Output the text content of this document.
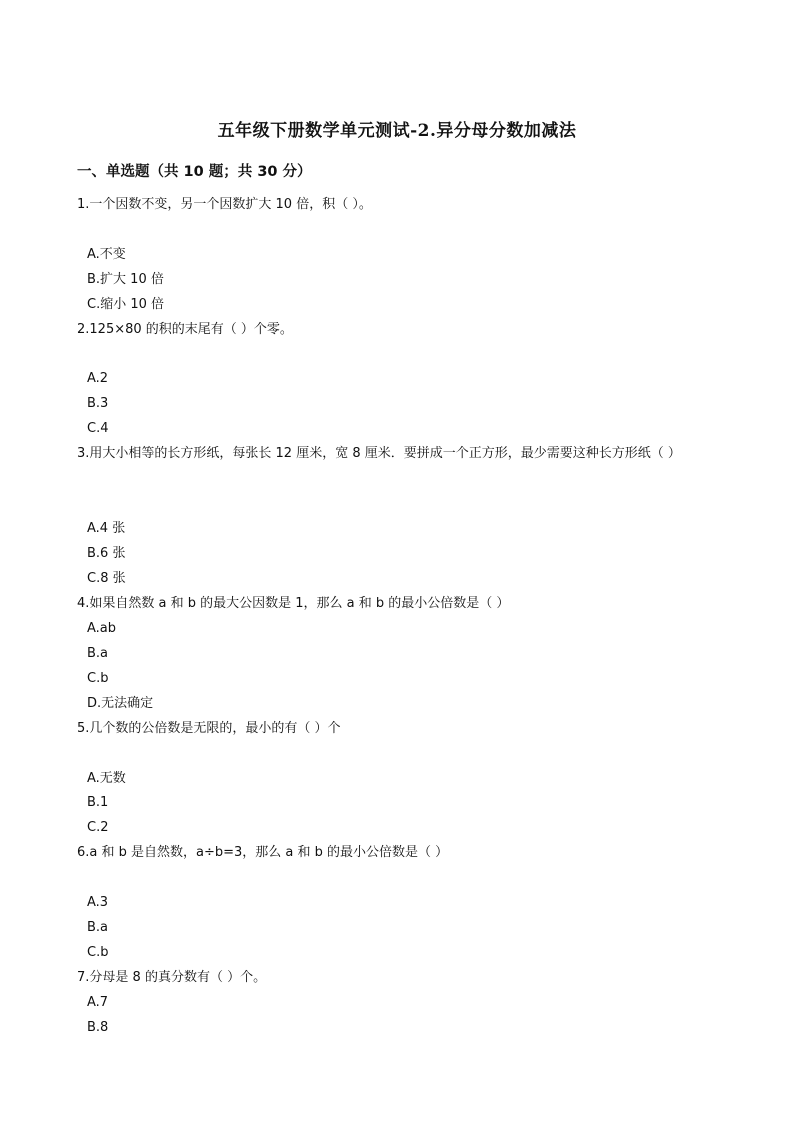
五年级下册数学单元测试-2.异分母分数加减法
一、单选题（共 10 题；共 30 分）
1.一个因数不变，另一个因数扩大 10 倍，积（ ）。
A.不变
B.扩大 10 倍
C.缩小 10 倍
2.125×80 的积的末尾有（ ）个零。
A.2
B.3
C.4
3.用大小相等的长方形纸，每张长 12 厘米，宽 8 厘米．要拼成一个正方形，最少需要这种长方形纸（ ）
A.4 张
B.6 张
C.8 张
4.如果自然数 a 和 b 的最大公因数是 1，那么 a 和 b 的最小公倍数是（ ）
A.ab
B.a
C.b
D.无法确定
5.几个数的公倍数是无限的，最小的有（ ）个
A.无数
B.1
C.2
6.a 和 b 是自然数，a÷b=3，那么 a 和 b 的最小公倍数是（ ）
A.3
B.a
C.b
7.分母是 8 的真分数有（ ）个。
A.7
B.8
